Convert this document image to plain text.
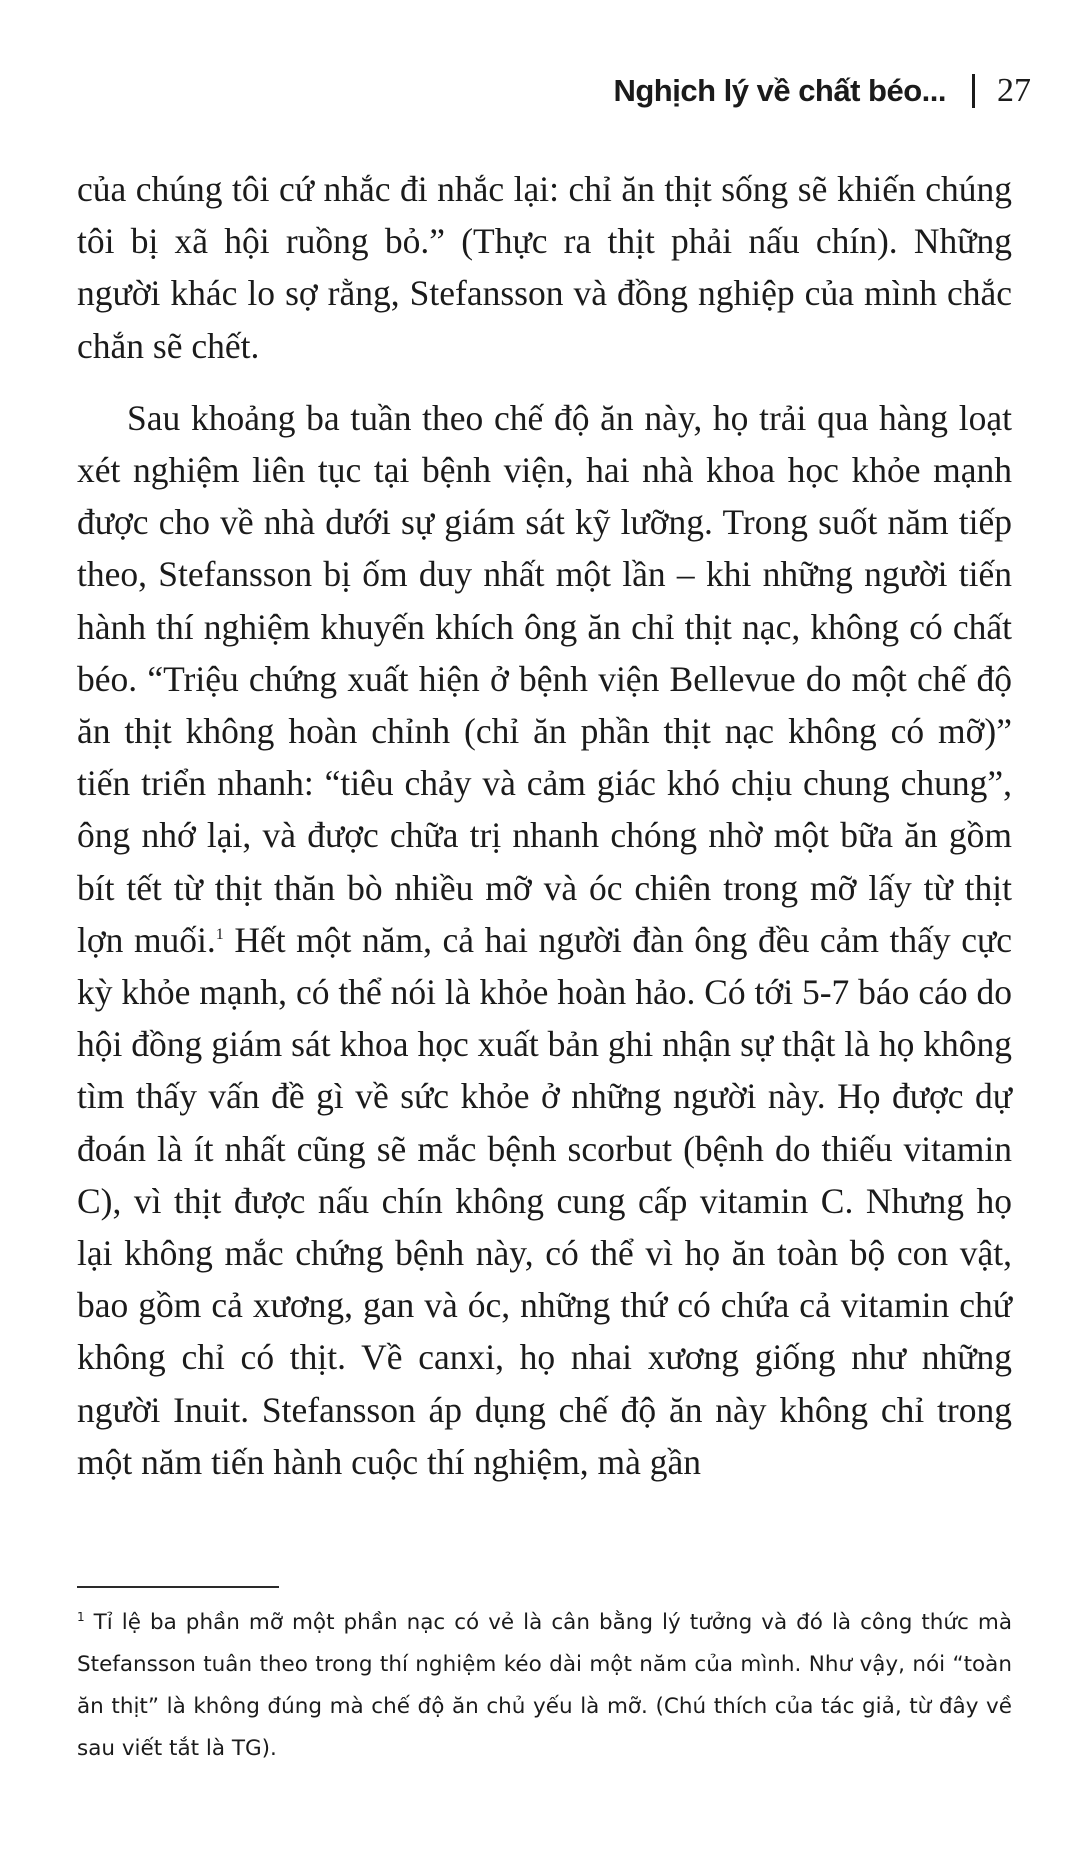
Nghịch lý về chất béo... 27

của chúng tôi cứ nhắc đi nhắc lại: chỉ ăn thịt sống sẽ khiến chúng tôi bị xã hội ruồng bỏ.” (Thực ra thịt phải nấu chín). Những người khác lo sợ rằng, Stefansson và đồng nghiệp của mình chắc chắn sẽ chết.

Sau khoảng ba tuần theo chế độ ăn này, họ trải qua hàng loạt xét nghiệm liên tục tại bệnh viện, hai nhà khoa học khỏe mạnh được cho về nhà dưới sự giám sát kỹ lưỡng. Trong suốt năm tiếp theo, Stefansson bị ốm duy nhất một lần – khi những người tiến hành thí nghiệm khuyến khích ông ăn chỉ thịt nạc, không có chất béo. “Triệu chứng xuất hiện ở bệnh viện Bellevue do một chế độ ăn thịt không hoàn chỉnh (chỉ ăn phần thịt nạc không có mỡ)” tiến triển nhanh: “tiêu chảy và cảm giác khó chịu chung chung”, ông nhớ lại, và được chữa trị nhanh chóng nhờ một bữa ăn gồm bít tết từ thịt thăn bò nhiều mỡ và óc chiên trong mỡ lấy từ thịt lợn muối.$^1$ Hết một năm, cả hai người đàn ông đều cảm thấy cực kỳ khỏe mạnh, có thể nói là khỏe hoàn hảo. Có tới 5-7 báo cáo do hội đồng giám sát khoa học xuất bản ghi nhận sự thật là họ không tìm thấy vấn đề gì về sức khỏe ở những người này. Họ được dự đoán là ít nhất cũng sẽ mắc bệnh scorbut (bệnh do thiếu vitamin C), vì thịt được nấu chín không cung cấp vitamin C. Nhưng họ lại không mắc chứng bệnh này, có thể vì họ ăn toàn bộ con vật, bao gồm cả xương, gan và óc, những thứ có chứa cả vitamin chứ không chỉ có thịt. Về canxi, họ nhai xương giống như những người Inuit. Stefansson áp dụng chế độ ăn này không chỉ trong một năm tiến hành cuộc thí nghiệm, mà gần

$^1$ Tỉ lệ ba phần mỡ một phần nạc có vẻ là cân bằng lý tưởng và đó là công thức mà Stefansson tuân theo trong thí nghiệm kéo dài một năm của mình. Như vậy, nói “toàn ăn thịt” là không đúng mà chế độ ăn chủ yếu là mỡ. (Chú thích của tác giả, từ đây về sau viết tắt là TG).
